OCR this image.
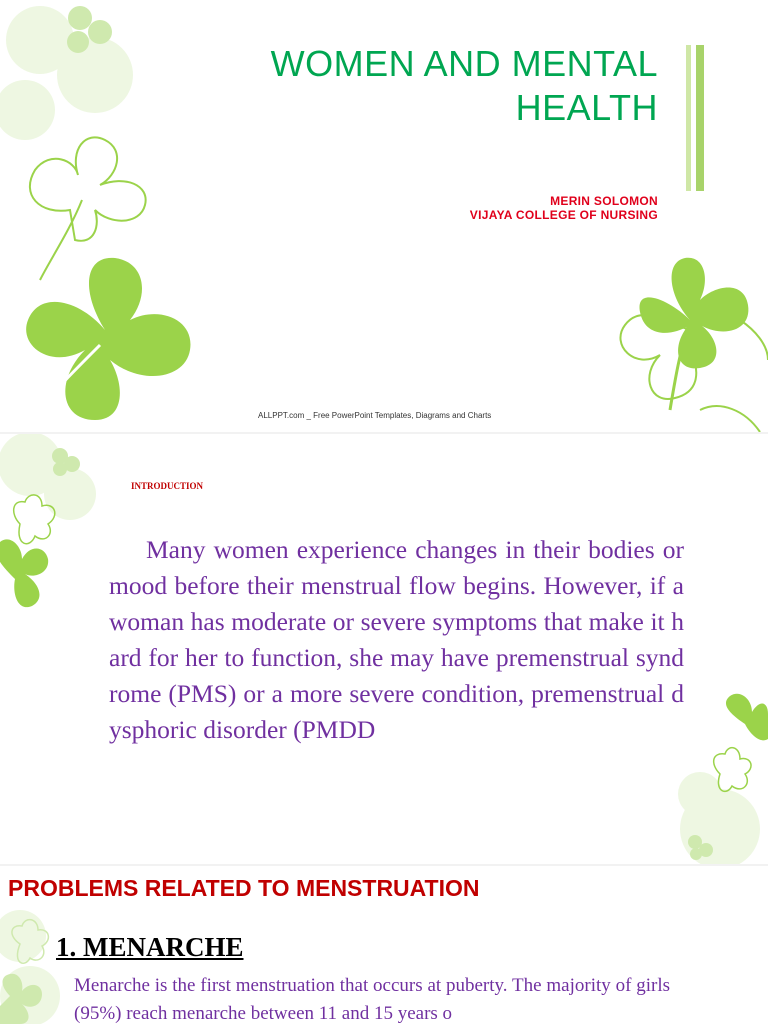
WOMEN AND MENTAL HEALTH
MERIN SOLOMON
VIJAYA COLLEGE OF NURSING
ALLPPT.com _ Free PowerPoint Templates, Diagrams and Charts
INTRODUCTION

Many women experience changes in their bodies or mood before their menstrual flow begins. However, if a woman has moderate or severe symptoms that make it hard for her to function, she may have premenstrual syndrome (PMS) or a more severe condition, premenstrual dysphoric disorder (PMDD

PROBLEMS RELATED TO MENSTRUATION
1. MENARCHE

Menarche is the first menstruation that occurs at puberty. The majority of girls (95%) reach menarche between 11 and 15 years o
